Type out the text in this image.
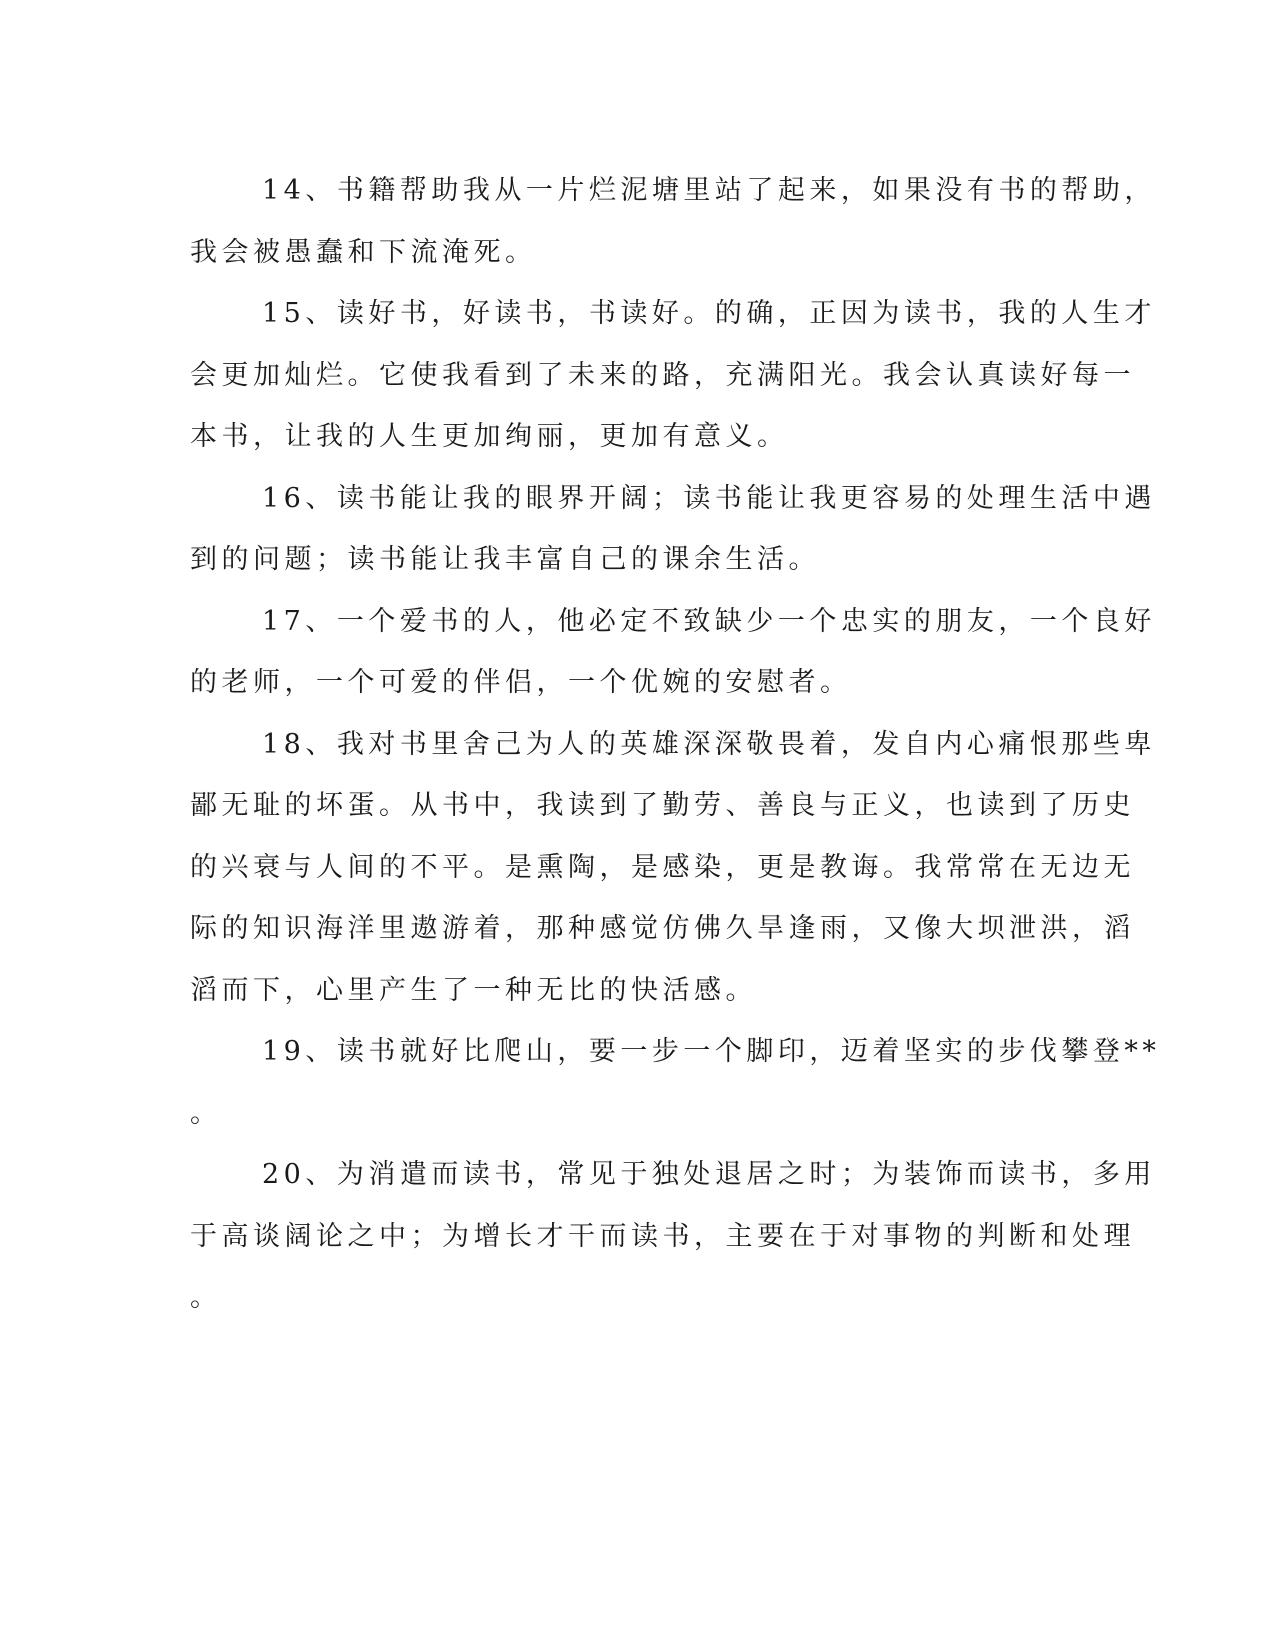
14、书籍帮助我从一片烂泥塘里站了起来，如果没有书的帮助，
我会被愚蠢和下流淹死。
15、读好书，好读书，书读好。的确，正因为读书，我的人生才
会更加灿烂。它使我看到了未来的路，充满阳光。我会认真读好每一
本书，让我的人生更加绚丽，更加有意义。
16、读书能让我的眼界开阔；读书能让我更容易的处理生活中遇
到的问题；读书能让我丰富自己的课余生活。
17、一个爱书的人，他必定不致缺少一个忠实的朋友，一个良好
的老师，一个可爱的伴侣，一个优婉的安慰者。
18、我对书里舍己为人的英雄深深敬畏着，发自内心痛恨那些卑
鄙无耻的坏蛋。从书中，我读到了勤劳、善良与正义，也读到了历史
的兴衰与人间的不平。是熏陶，是感染，更是教诲。我常常在无边无
际的知识海洋里遨游着，那种感觉仿佛久旱逢雨，又像大坝泄洪，滔
滔而下，心里产生了一种无比的快活感。
19、读书就好比爬山，要一步一个脚印，迈着坚实的步伐攀登**
。
20、为消遣而读书，常见于独处退居之时；为装饰而读书，多用
于高谈阔论之中；为增长才干而读书，主要在于对事物的判断和处理
。
